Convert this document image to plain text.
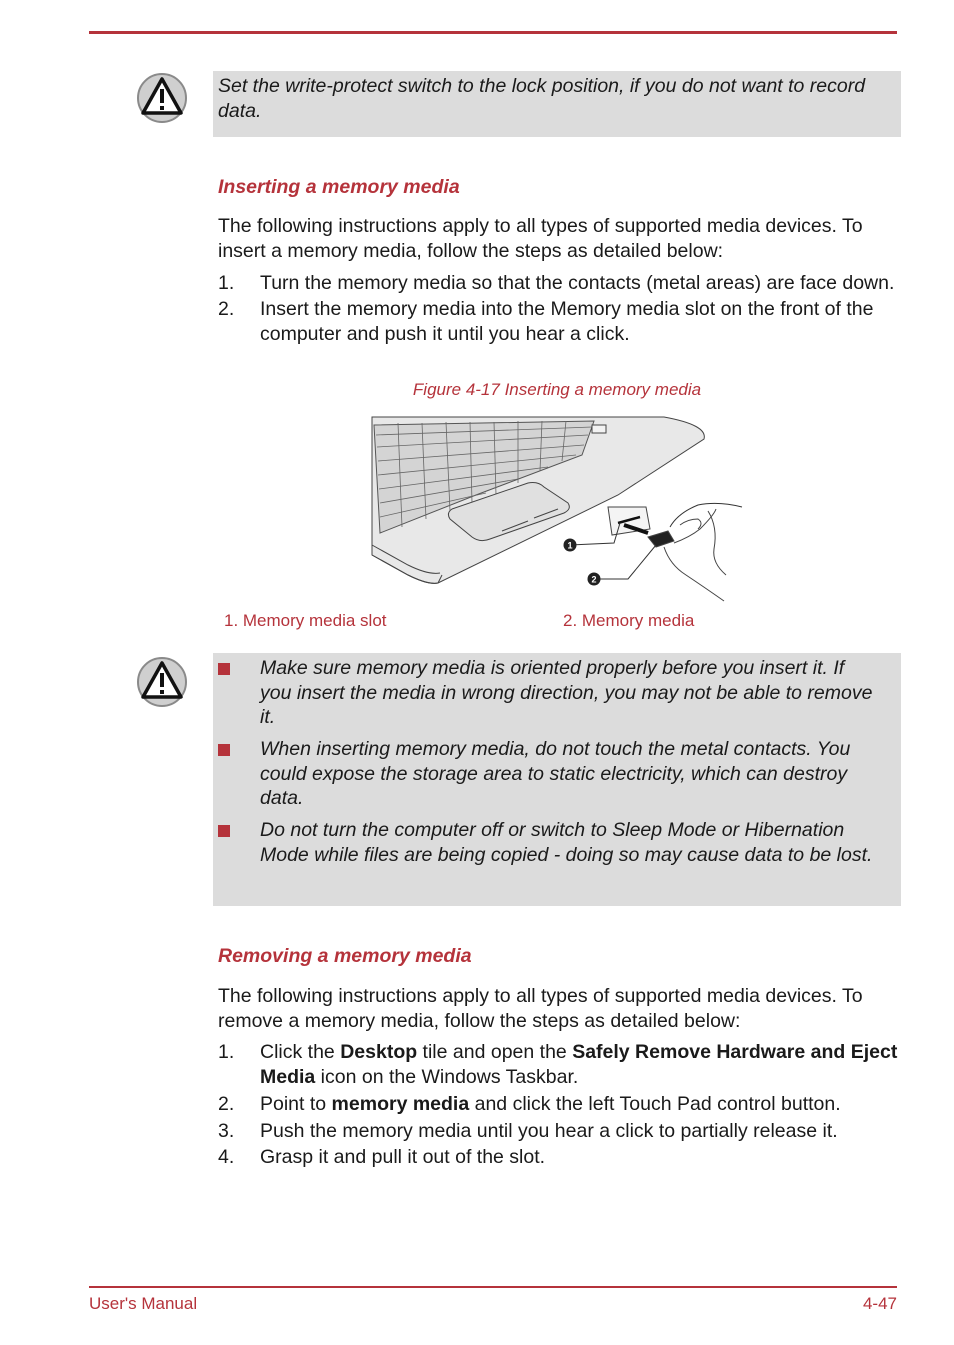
Set the write-protect switch to the lock position, if you do not want to record data.
Inserting a memory media
The following instructions apply to all types of supported media devices. To insert a memory media, follow the steps as detailed below:
1.	Turn the memory media so that the contacts (metal areas) are face down.
2.	Insert the memory media into the Memory media slot on the front of the computer and push it until you hear a click.
Figure 4-17 Inserting a memory media
1
2
1. Memory media slot	2. Memory media
Make sure memory media is oriented properly before you insert it. If you insert the media in wrong direction, you may not be able to remove it.
When inserting memory media, do not touch the metal contacts. You could expose the storage area to static electricity, which can destroy data.
Do not turn the computer off or switch to Sleep Mode or Hibernation Mode while files are being copied - doing so may cause data to be lost.
Removing a memory media
The following instructions apply to all types of supported media devices. To remove a memory media, follow the steps as detailed below:
1.	Click the Desktop tile and open the Safely Remove Hardware and Eject Media icon on the Windows Taskbar.
2.	Point to memory media and click the left Touch Pad control button.
3.	Push the memory media until you hear a click to partially release it.
4.	Grasp it and pull it out of the slot.
User's Manual	4-47
